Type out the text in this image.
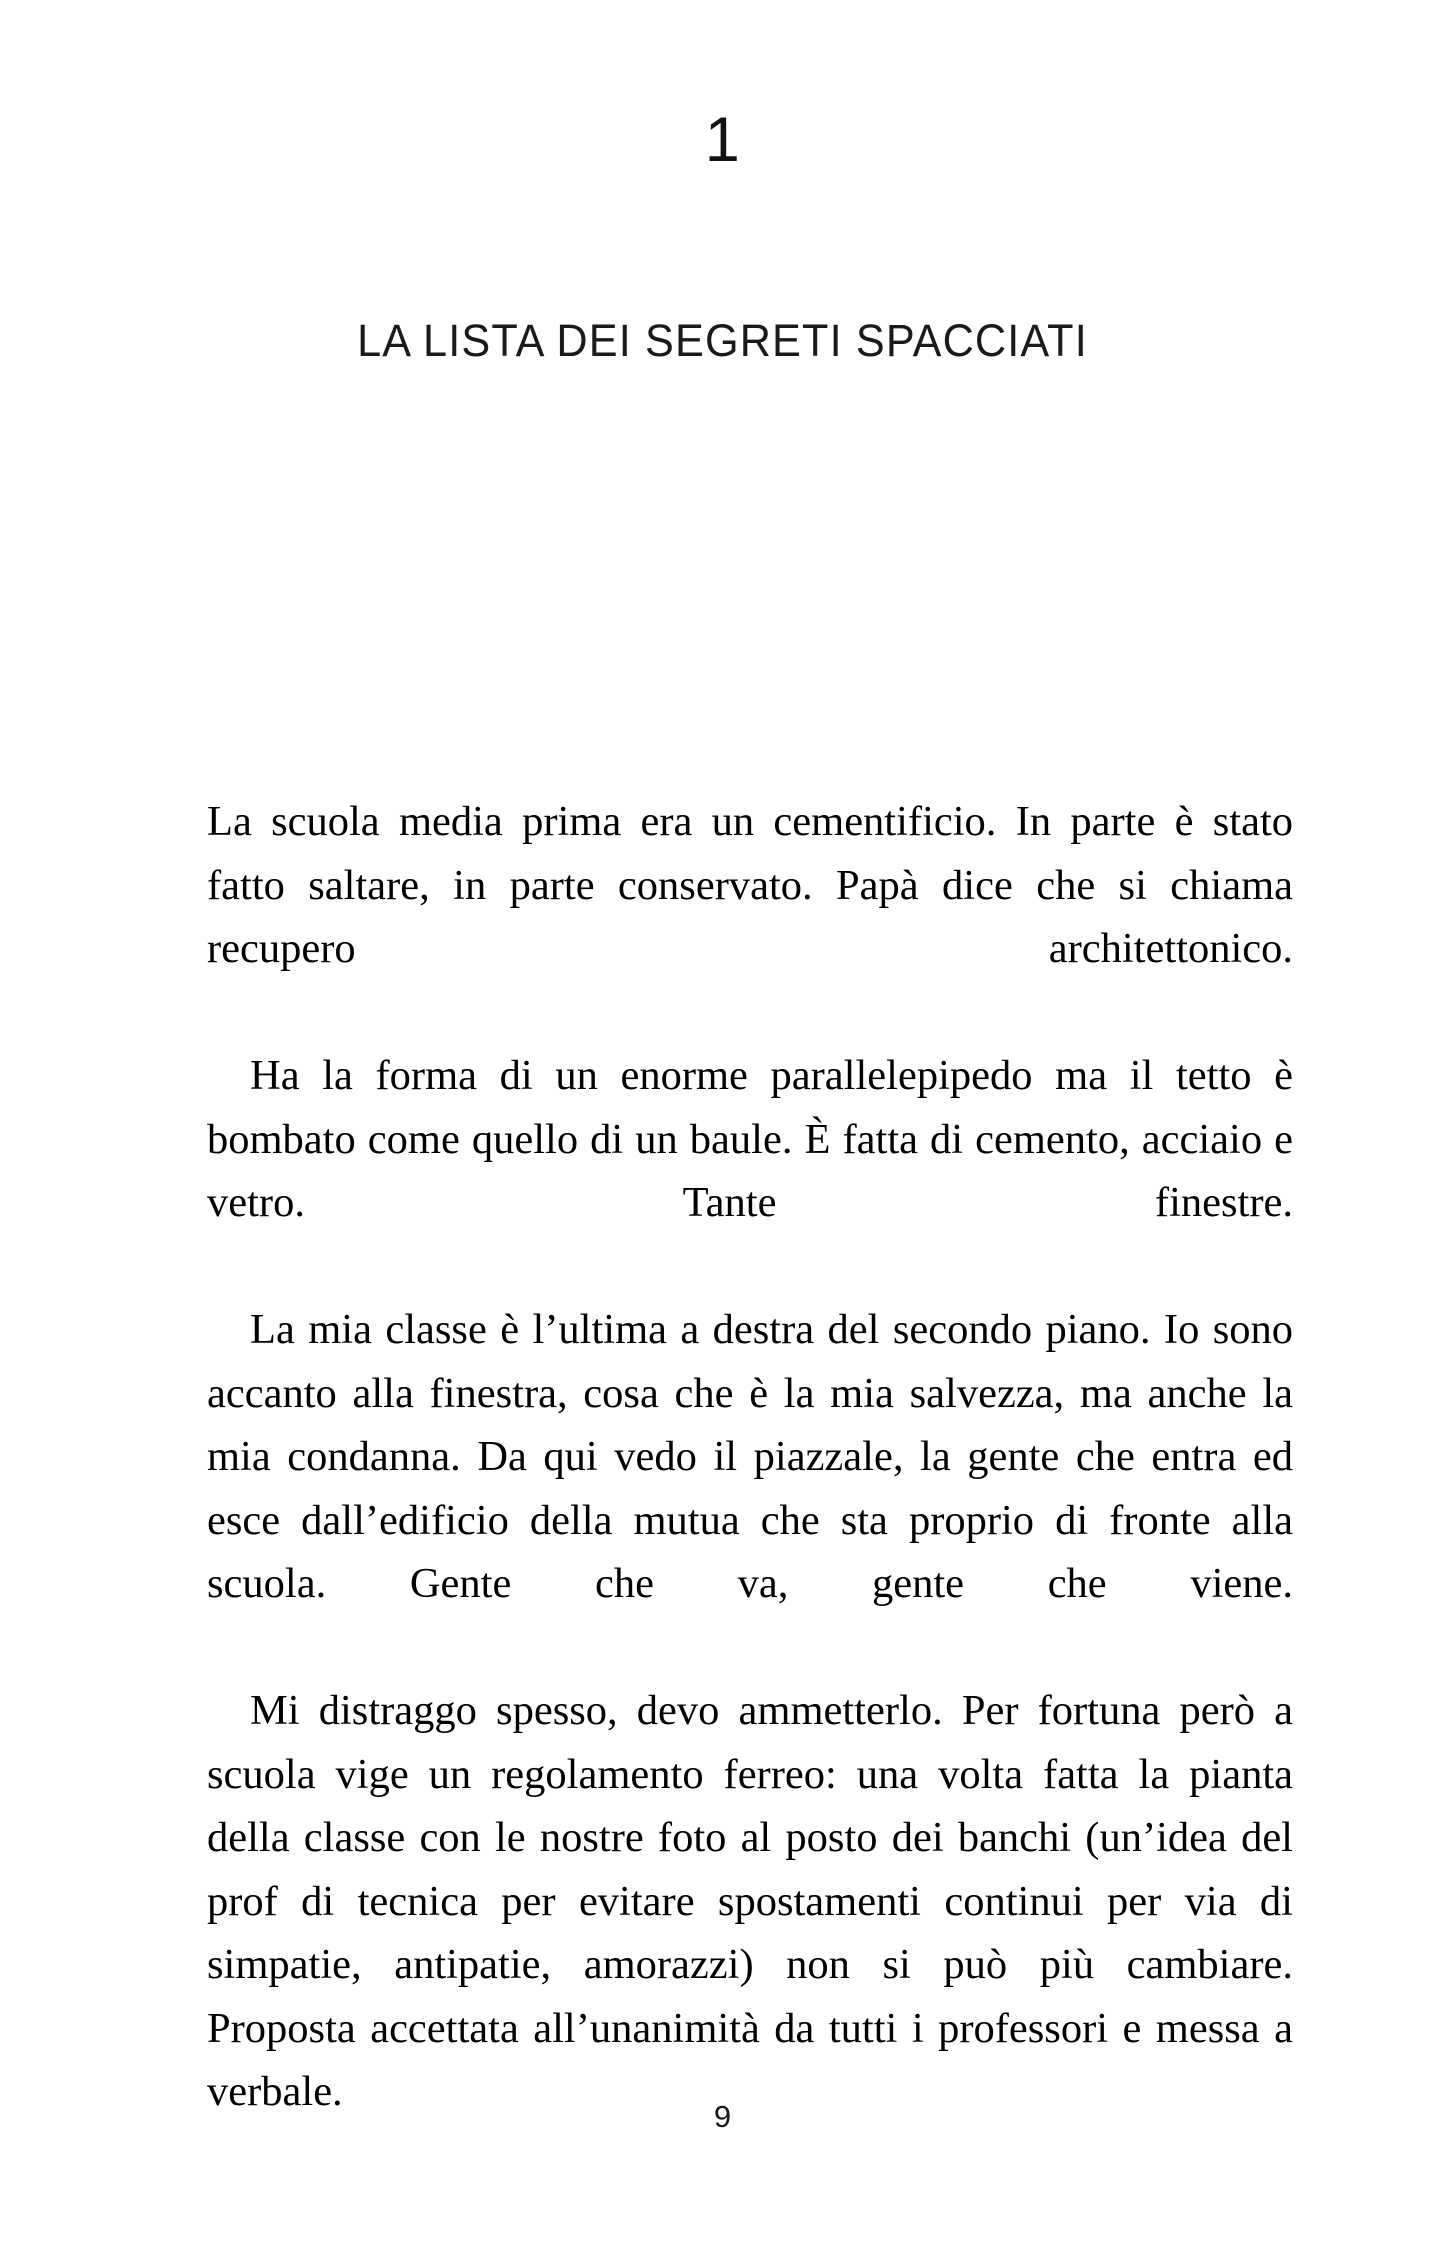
1
LA LISTA DEI SEGRETI SPACCIATI

La scuola media prima era un cementificio. In parte è stato fatto saltare, in parte conservato. Papà dice che si chiama recupero architettonico.

Ha la forma di un enorme parallelepipedo ma il tetto è bombato come quello di un baule. È fatta di cemento, acciaio e vetro. Tante finestre.

La mia classe è l’ultima a destra del secondo piano. Io sono accanto alla finestra, cosa che è la mia salvezza, ma anche la mia condanna. Da qui vedo il piazzale, la gente che entra ed esce dall’edificio della mutua che sta proprio di fronte alla scuola. Gente che va, gente che viene.

Mi distraggo spesso, devo ammetterlo. Per fortuna però a scuola vige un regolamento ferreo: una volta fatta la pianta della classe con le nostre foto al posto dei banchi (un’idea del prof di tecnica per evitare spostamenti continui per via di simpatie, antipatie, amorazzi) non si può più cambiare. Proposta accettata all’unanimità da tutti i professori e messa a verbale.

9
